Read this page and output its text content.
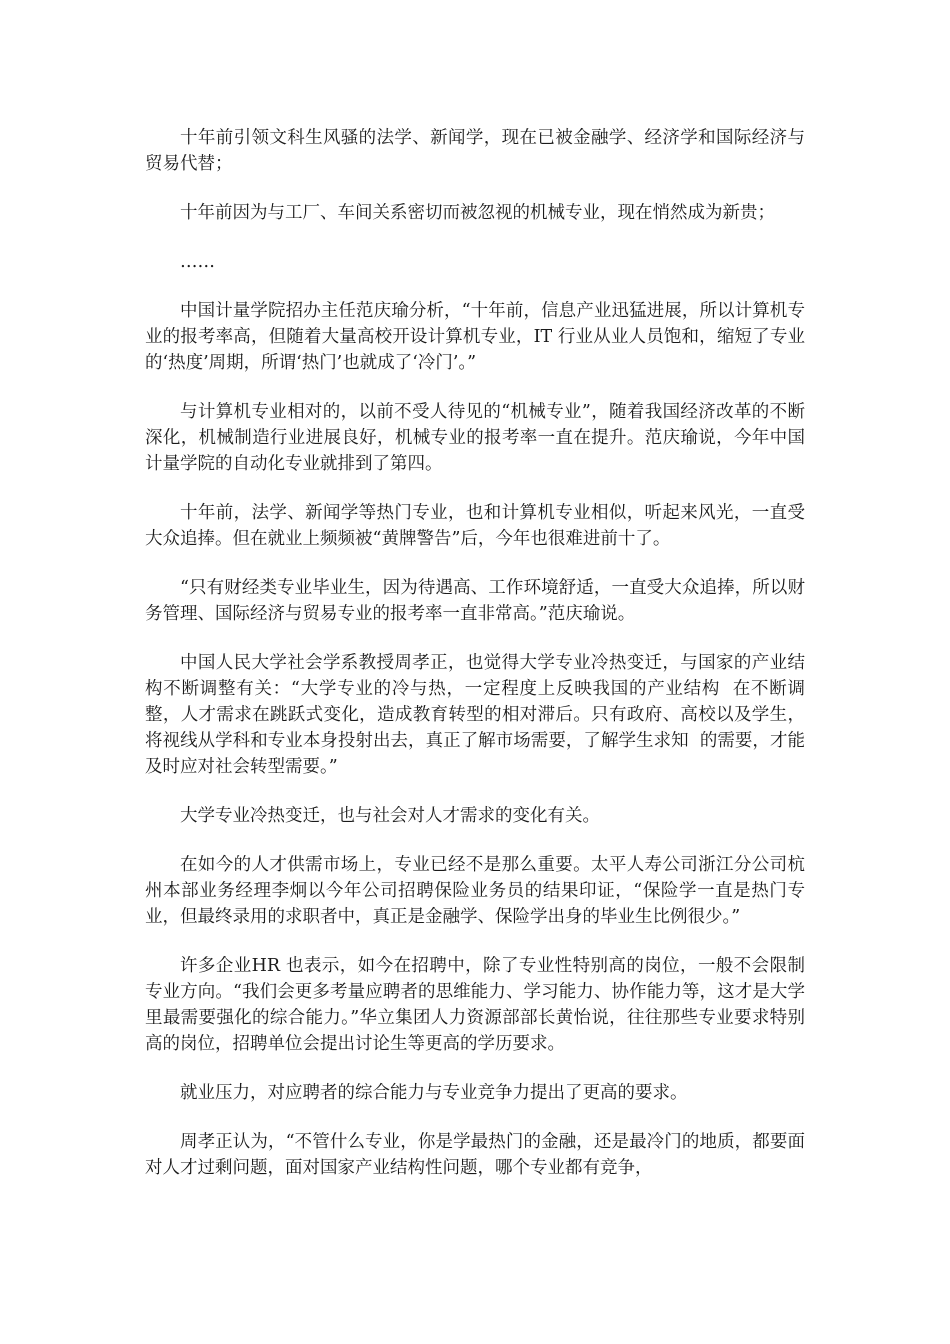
十年前引领文科生风骚的法学、新闻学，现在已被金融学、经济学和国际经济与贸易代替；

十年前因为与工厂、车间关系密切而被忽视的机械专业，现在悄然成为新贵；

……

中国计量学院招办主任范庆瑜分析，“十年前，信息产业迅猛进展，所以计算机专业的报考率高，但随着大量高校开设计算机专业，IT 行业从业人员饱和，缩短了专业的‘热度’周期，所谓‘热门’也就成了‘冷门’。”

与计算机专业相对的，以前不受人待见的“机械专业”，随着我国经济改革的不断深化，机械制造行业进展良好，机械专业的报考率一直在提升。范庆瑜说，今年中国计量学院的自动化专业就排到了第四。

十年前，法学、新闻学等热门专业，也和计算机专业相似，听起来风光，一直受大众追捧。但在就业上频频被“黄牌警告”后，今年也很难进前十了。

“只有财经类专业毕业生，因为待遇高、工作环境舒适，一直受大众追捧，所以财务管理、国际经济与贸易专业的报考率一直非常高。”范庆瑜说。

中国人民大学社会学系教授周孝正，也觉得大学专业冷热变迁，与国家的产业结构不断调整有关：“大学专业的冷与热，一定程度上反映我国的产业结构  在不断调整，人才需求在跳跃式变化，造成教育转型的相对滞后。只有政府、高校以及学生，将视线从学科和专业本身投射出去，真正了解市场需要，了解学生求知  的需要，才能及时应对社会转型需要。”

大学专业冷热变迁，也与社会对人才需求的变化有关。

在如今的人才供需市场上，专业已经不是那么重要。太平人寿公司浙江分公司杭州本部业务经理李炯以今年公司招聘保险业务员的结果印证，“保险学一直是热门专业，但最终录用的求职者中，真正是金融学、保险学出身的毕业生比例很少。”

许多企业HR 也表示，如今在招聘中，除了专业性特别高的岗位，一般不会限制专业方向。“我们会更多考量应聘者的思维能力、学习能力、协作能力等，这才是大学里最需要强化的综合能力。”华立集团人力资源部部长黄怡说，往往那些专业要求特别高的岗位，招聘单位会提出讨论生等更高的学历要求。

就业压力，对应聘者的综合能力与专业竞争力提出了更高的要求。

周孝正认为，“不管什么专业，你是学最热门的金融，还是最冷门的地质，都要面对人才过剩问题，面对国家产业结构性问题，哪个专业都有竞争，
